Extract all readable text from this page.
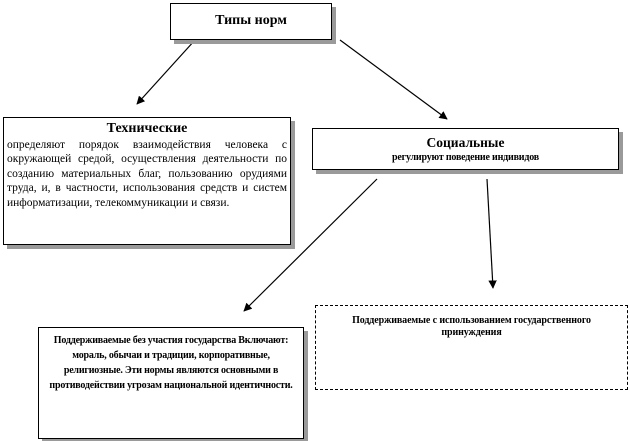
Типы норм
Технические
определяют порядок взаимодействия человека с окружающей средой, осуществления деятельности по созданию материальных благ, пользованию орудиями труда, и, в частности, использования средств и систем информатизации, телекоммуникации и связи.
Социальные
регулируют поведение индивидов
Поддерживаемые без участия государства Включают: мораль, обычаи и традиции, корпоративные, религиозные. Эти нормы являются основными в противодействии угрозам национальной идентичности.
Поддерживаемые с использованием государственного принуждения
